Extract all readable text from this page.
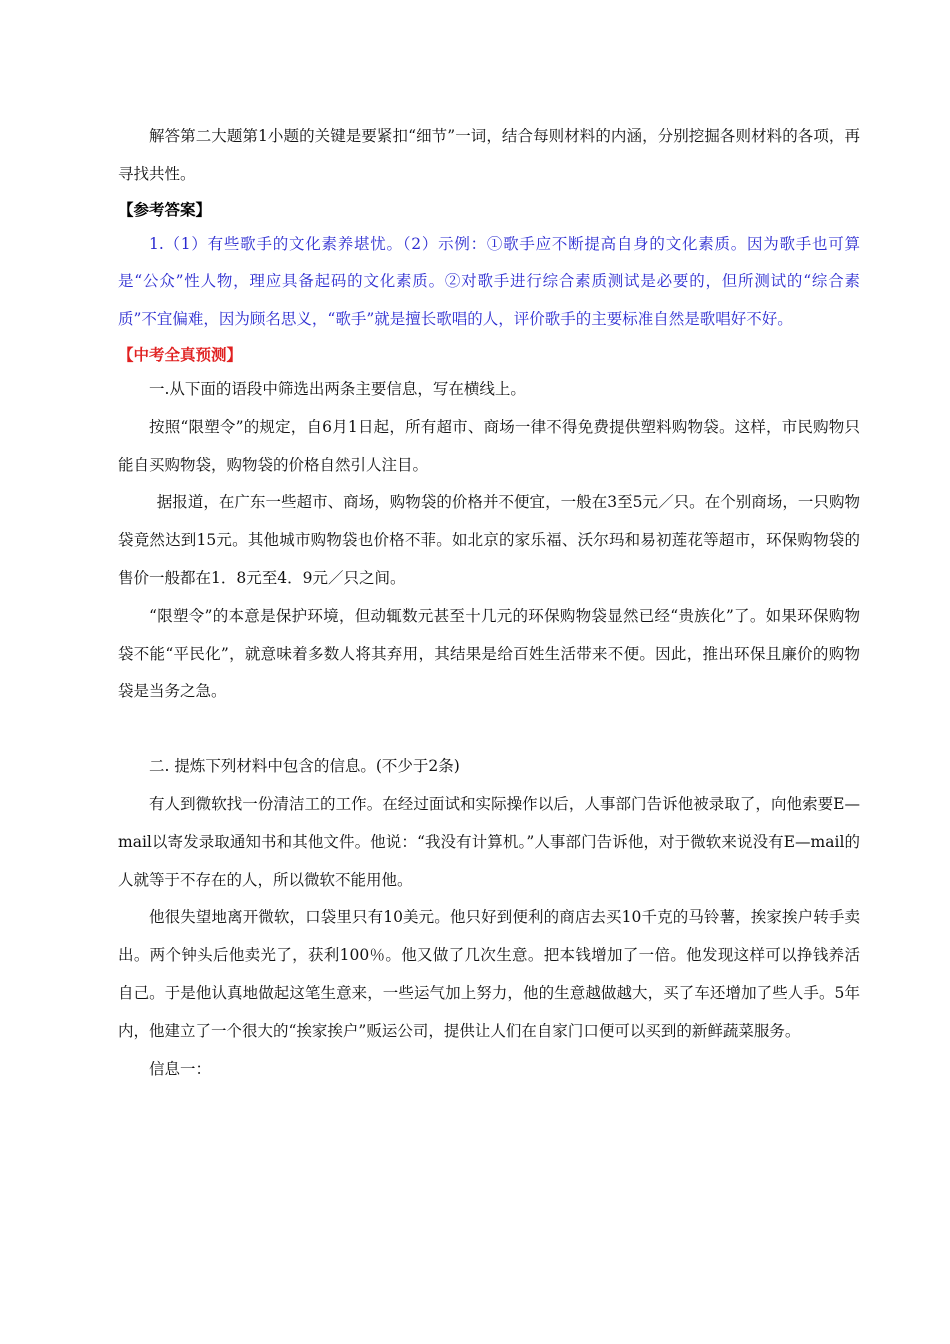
解答第二大题第1小题的关键是要紧扣“细节”一词，结合每则材料的内涵，分别挖掘各则材料的各项，再寻找共性。

【参考答案】

1.（1）有些歌手的文化素养堪忧。（2）示例：①歌手应不断提高自身的文化素质。因为歌手也可算是“公众”性人物，理应具备起码的文化素质。②对歌手进行综合素质测试是必要的，但所测试的“综合素质”不宜偏难，因为顾名思义，“歌手”就是擅长歌唱的人，评价歌手的主要标准自然是歌唱好不好。

【中考全真预测】

一.从下面的语段中筛选出两条主要信息，写在横线上。

按照“限塑令”的规定，自6月1日起，所有超市、商场一律不得免费提供塑料购物袋。这样，市民购物只能自买购物袋，购物袋的价格自然引人注目。

据报道，在广东一些超市、商场，购物袋的价格并不便宜，一般在3至5元／只。在个别商场，一只购物袋竟然达到15元。其他城市购物袋也价格不菲。如北京的家乐福、沃尔玛和易初莲花等超市，环保购物袋的售价一般都在1．8元至4．9元／只之间。

“限塑令”的本意是保护环境，但动辄数元甚至十几元的环保购物袋显然已经“贵族化”了。如果环保购物袋不能“平民化”，就意味着多数人将其弃用，其结果是给百姓生活带来不便。因此，推出环保且廉价的购物袋是当务之急。

二. 提炼下列材料中包含的信息。(不少于2条)

有人到微软找一份清洁工的工作。在经过面试和实际操作以后，人事部门告诉他被录取了，向他索要E—mail以寄发录取通知书和其他文件。他说：“我没有计算机。”人事部门告诉他，对于微软来说没有E—mail的人就等于不存在的人，所以微软不能用他。

他很失望地离开微软，口袋里只有10美元。他只好到便利的商店去买10千克的马铃薯，挨家挨户转手卖出。两个钟头后他卖光了，获利100％。他又做了几次生意。把本钱增加了一倍。他发现这样可以挣钱养活自己。于是他认真地做起这笔生意来，一些运气加上努力，他的生意越做越大，买了车还增加了些人手。5年内，他建立了一个很大的“挨家挨户”贩运公司，提供让人们在自家门口便可以买到的新鲜蔬菜服务。

信息一：
